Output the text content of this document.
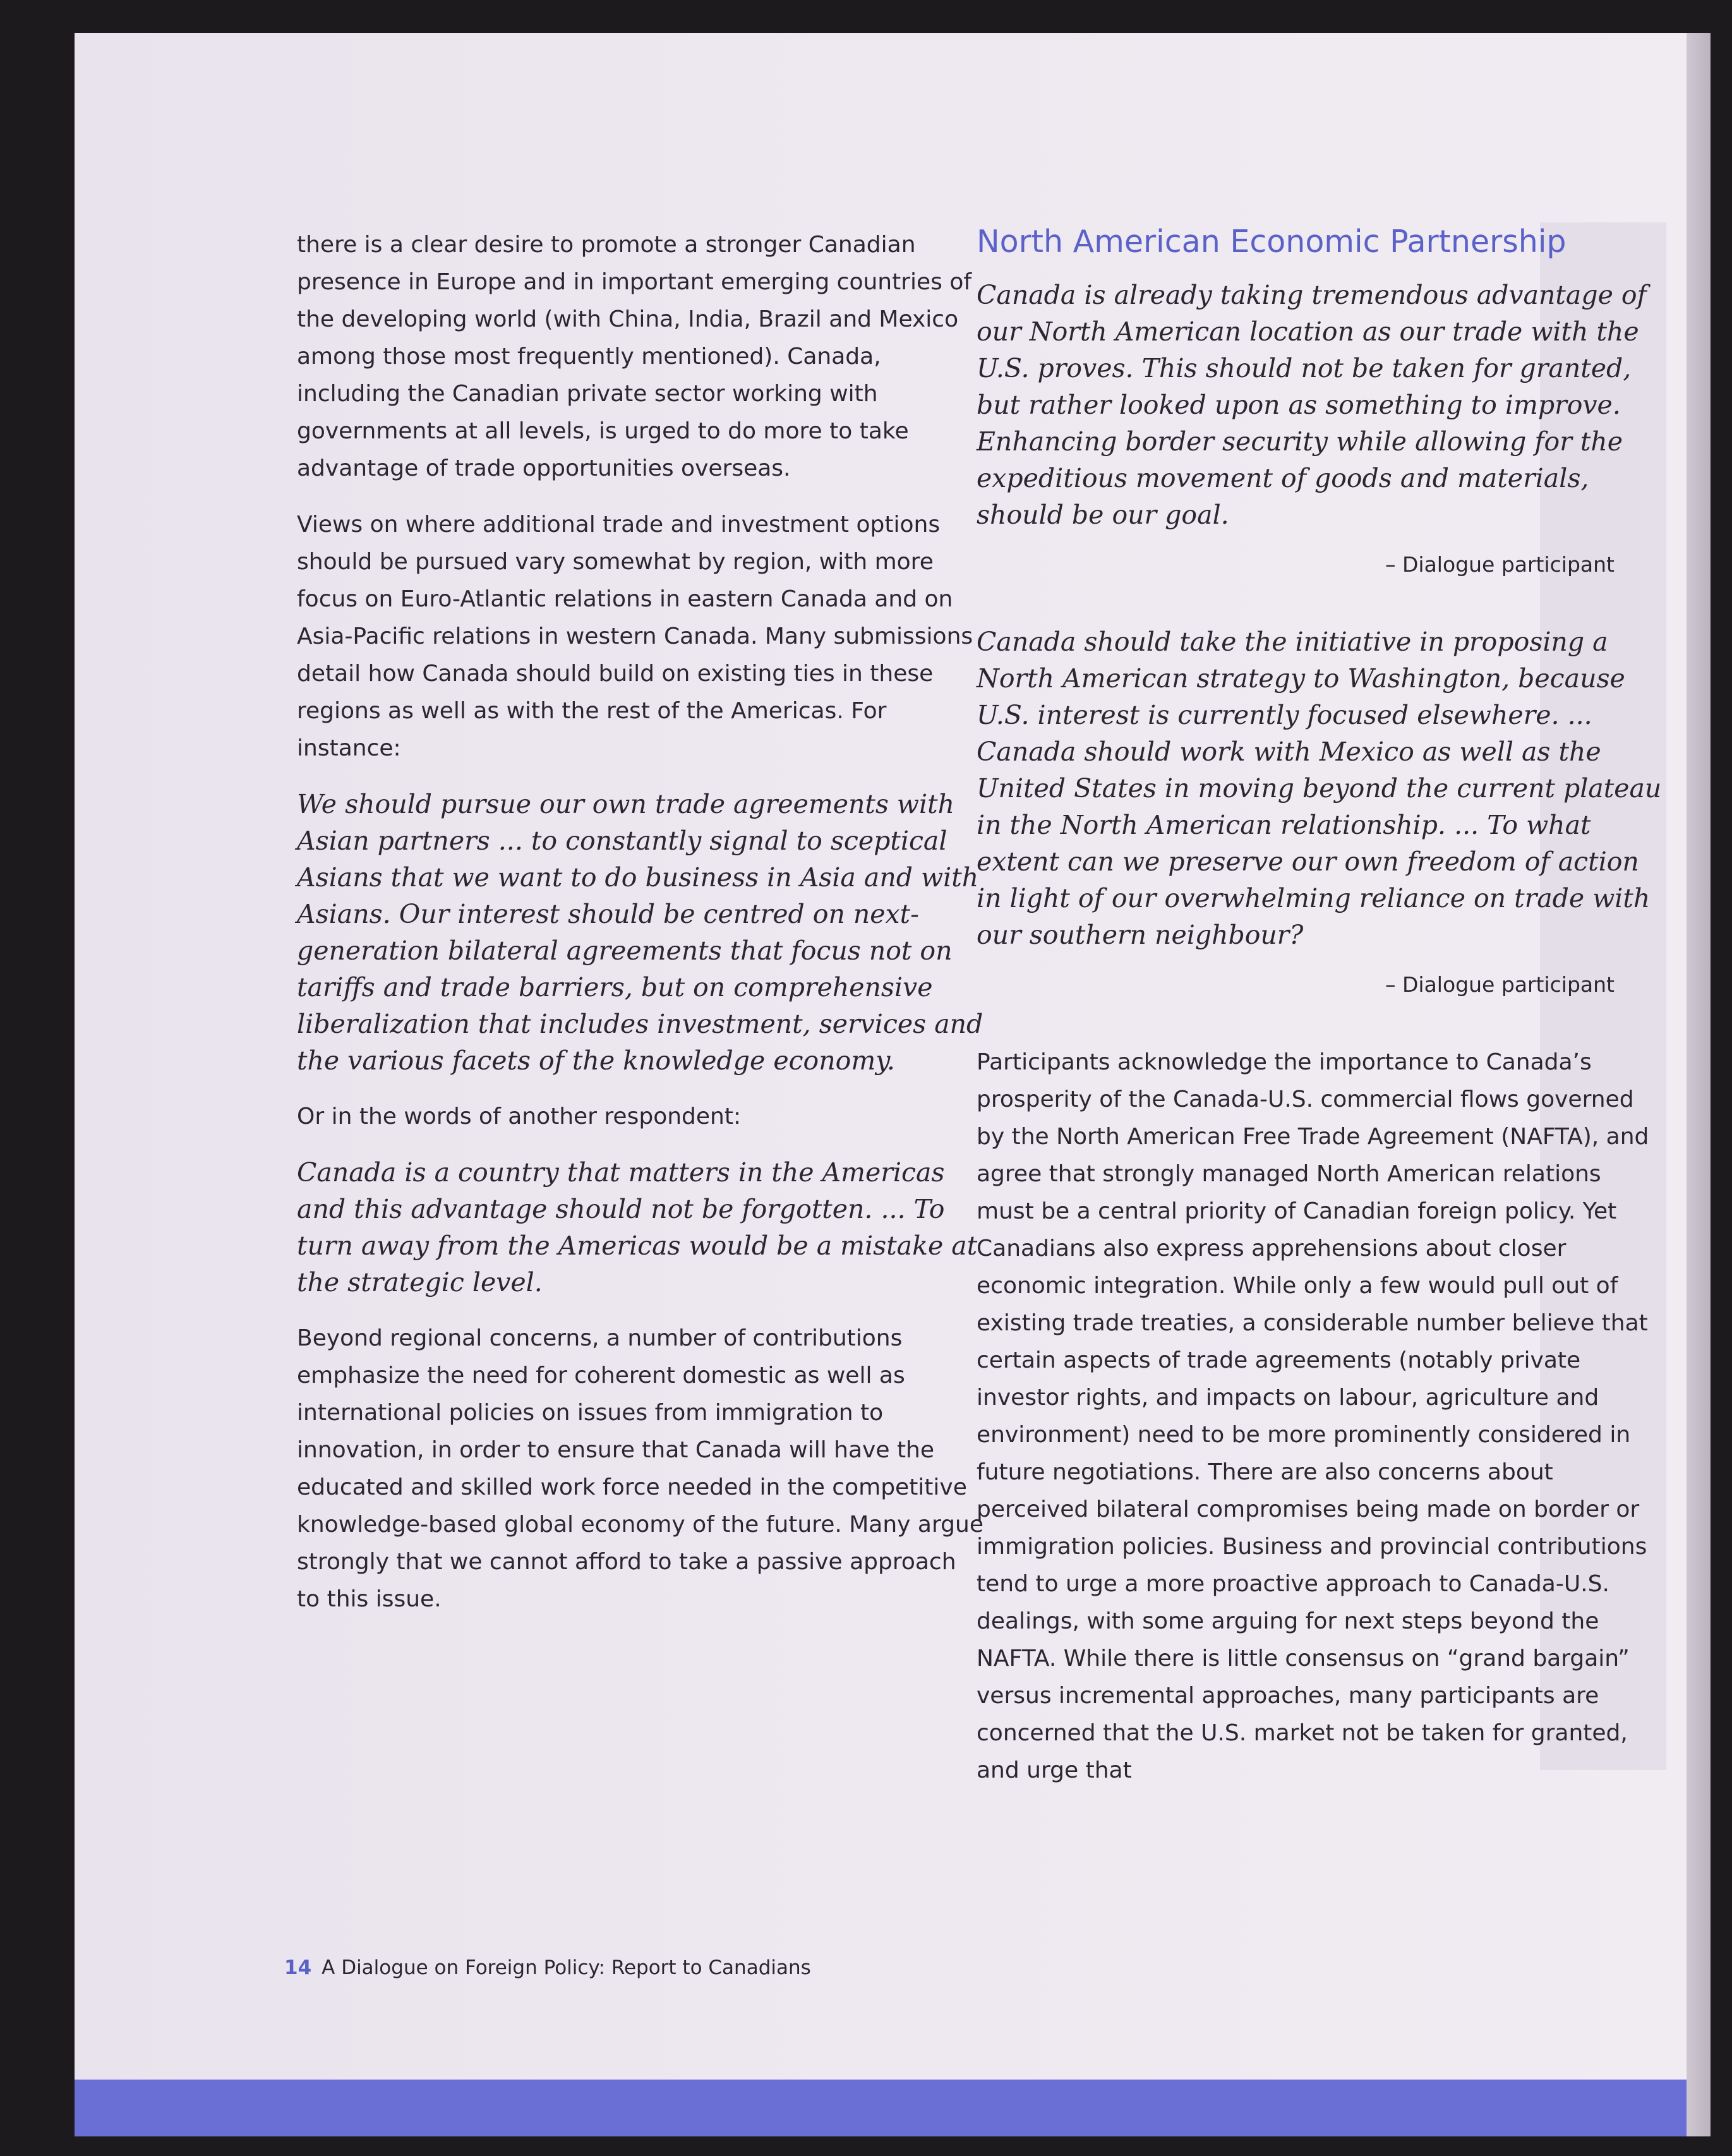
there is a clear desire to promote a stronger Canadian presence in Europe and in important emerging countries of the developing world (with China, India, Brazil and Mexico among those most frequently mentioned). Canada, including the Canadian private sector working with governments at all levels, is urged to do more to take advantage of trade opportunities overseas.

Views on where additional trade and investment options should be pursued vary somewhat by region, with more focus on Euro-Atlantic relations in eastern Canada and on Asia-Pacific relations in western Canada. Many submissions detail how Canada should build on existing ties in these regions as well as with the rest of the Americas. For instance:

We should pursue our own trade agreements with Asian partners ... to constantly signal to sceptical Asians that we want to do business in Asia and with Asians. Our interest should be centred on next-generation bilateral agreements that focus not on tariffs and trade barriers, but on comprehensive liberalization that includes investment, services and the various facets of the knowledge economy.

Or in the words of another respondent:

Canada is a country that matters in the Americas and this advantage should not be forgotten. ... To turn away from the Americas would be a mistake at the strategic level.

Beyond regional concerns, a number of contributions emphasize the need for coherent domestic as well as international policies on issues from immigration to innovation, in order to ensure that Canada will have the educated and skilled work force needed in the competitive knowledge-based global economy of the future. Many argue strongly that we cannot afford to take a passive approach to this issue.

North American Economic Partnership

Canada is already taking tremendous advantage of our North American location as our trade with the U.S. proves. This should not be taken for granted, but rather looked upon as something to improve. Enhancing border security while allowing for the expeditious movement of goods and materials, should be our goal.

– Dialogue participant

Canada should take the initiative in proposing a North American strategy to Washington, because U.S. interest is currently focused elsewhere. ... Canada should work with Mexico as well as the United States in moving beyond the current plateau in the North American relationship. ... To what extent can we preserve our own freedom of action in light of our overwhelming reliance on trade with our southern neighbour?

– Dialogue participant

Participants acknowledge the importance to Canada’s prosperity of the Canada-U.S. commercial flows governed by the North American Free Trade Agreement (NAFTA), and agree that strongly managed North American relations must be a central priority of Canadian foreign policy. Yet Canadians also express apprehensions about closer economic integration. While only a few would pull out of existing trade treaties, a considerable number believe that certain aspects of trade agreements (notably private investor rights, and impacts on labour, agriculture and environment) need to be more prominently considered in future negotiations. There are also concerns about perceived bilateral compromises being made on border or immigration policies. Business and provincial contributions tend to urge a more proactive approach to Canada-U.S. dealings, with some arguing for next steps beyond the NAFTA. While there is little consensus on “grand bargain” versus incremental approaches, many participants are concerned that the U.S. market not be taken for granted, and urge that

14 A Dialogue on Foreign Policy: Report to Canadians
